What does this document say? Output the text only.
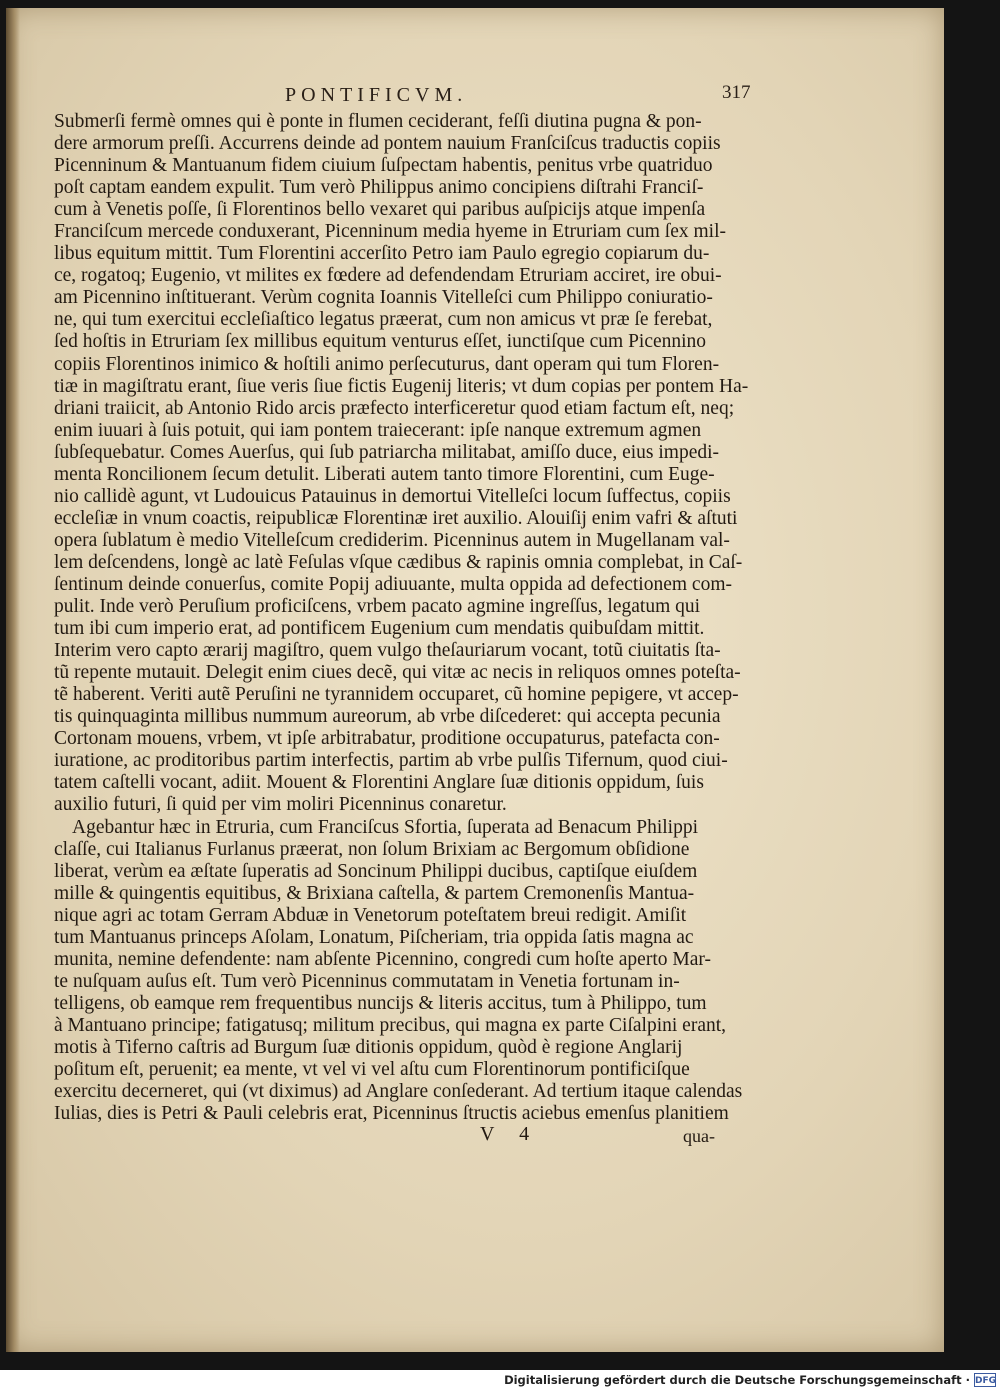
PONTIFICVM.	317
Submerſi fermè omnes qui è ponte in flumen ceciderant, feſſi diutina pugna & pon-
dere armorum preſſi. Accurrens deinde ad pontem nauium Franſciſcus traductis copiis
Picenninum & Mantuanum fidem ciuium ſuſpectam habentis, penitus vrbe quatriduo
poſt captam eandem expulit. Tum verò Philippus animo concipiens diſtrahi Franciſ-
cum à Venetis poſſe, ſi Florentinos bello vexaret qui paribus auſpicijs atque impenſa
Franciſcum mercede conduxerant, Picenninum media hyeme in Etruriam cum ſex mil-
libus equitum mittit. Tum Florentini accerſito Petro iam Paulo egregio copiarum du-
ce, rogatoq; Eugenio, vt milites ex fœdere ad defendendam Etruriam acciret, ire obui-
am Picennino inſtituerant. Verùm cognita Ioannis Vitelleſci cum Philippo coniuratio-
ne, qui tum exercitui eccleſiaſtico legatus præerat, cum non amicus vt præ ſe ferebat,
ſed hoſtis in Etruriam ſex millibus equitum venturus eſſet, iunctiſque cum Picennino
copiis Florentinos inimico & hoſtili animo perſecuturus, dant operam qui tum Floren-
tiæ in magiſtratu erant, ſiue veris ſiue fictis Eugenij literis; vt dum copias per pontem Ha-
driani traiicit, ab Antonio Rido arcis præfecto interficeretur quod etiam factum eſt, neq;
enim iuuari à ſuis potuit, qui iam pontem traiecerant: ipſe nanque extremum agmen
ſubſequebatur. Comes Auerſus, qui ſub patriarcha militabat, amiſſo duce, eius impedi-
menta Roncilionem ſecum detulit. Liberati autem tanto timore Florentini, cum Euge-
nio callidè agunt, vt Ludouicus Patauinus in demortui Vitelleſci locum ſuffectus, copiis
eccleſiæ in vnum coactis, reipublicæ Florentinæ iret auxilio. Alouiſij enim vafri & aſtuti
opera ſublatum è medio Vitelleſcum crediderim. Picenninus autem in Mugellanam val-
lem deſcendens, longè ac latè Feſulas vſque cædibus & rapinis omnia complebat, in Caſ-
ſentinum deinde conuerſus, comite Popij adiuuante, multa oppida ad defectionem com-
pulit. Inde verò Peruſium proficiſcens, vrbem pacato agmine ingreſſus, legatum qui
tum ibi cum imperio erat, ad pontificem Eugenium cum mendatis quibuſdam mittit.
Interim vero capto ærarij magiſtro, quem vulgo theſauriarum vocant, totũ ciuitatis ſta-
tũ repente mutauit. Delegit enim ciues decẽ, qui vitæ ac necis in reliquos omnes poteſta-
tẽ haberent. Veriti autẽ Peruſini ne tyrannidem occuparet, cũ homine pepigere, vt accep-
tis quinquaginta millibus nummum aureorum, ab vrbe diſcederet: qui accepta pecunia
Cortonam mouens, vrbem, vt ipſe arbitrabatur, proditione occupaturus, patefacta con-
iuratione, ac proditoribus partim interfectis, partim ab vrbe pulſis Tifernum, quod ciui-
tatem caſtelli vocant, adiit. Mouent & Florentini Anglare ſuæ ditionis oppidum, ſuis
auxilio futuri, ſi quid per vim moliri Picenninus conaretur.
Agebantur hæc in Etruria, cum Franciſcus Sfortia, ſuperata ad Benacum Philippi
claſſe, cui Italianus Furlanus præerat, non ſolum Brixiam ac Bergomum obſidione
liberat, verùm ea æſtate ſuperatis ad Soncinum Philippi ducibus, captiſque eiuſdem
mille & quingentis equitibus, & Brixiana caſtella, & partem Cremonenſis Mantua-
nique agri ac totam Gerram Abduæ in Venetorum poteſtatem breui redigit. Amiſit
tum Mantuanus princeps Aſolam, Lonatum, Piſcheriam, tria oppida ſatis magna ac
munita, nemine defendente: nam abſente Picennino, congredi cum hoſte aperto Mar-
te nuſquam auſus eſt. Tum verò Picenninus commutatam in Venetia fortunam in-
telligens, ob eamque rem frequentibus nuncijs & literis accitus, tum à Philippo, tum
à Mantuano principe; fatigatusq; militum precibus, qui magna ex parte Ciſalpini erant,
motis à Tiferno caſtris ad Burgum ſuæ ditionis oppidum, quòd è regione Anglarij
poſitum eſt, peruenit; ea mente, vt vel vi vel aſtu cum Florentinorum pontificiſque
exercitu decerneret, qui (vt diximus) ad Anglare conſederant. Ad tertium itaque calendas
Iulias, dies is Petri & Pauli celebris erat, Picenninus ſtructis aciebus emenſus planitiem
V 4	qua-
Digitalisierung gefördert durch die Deutsche Forschungsgemeinschaft · DFG
